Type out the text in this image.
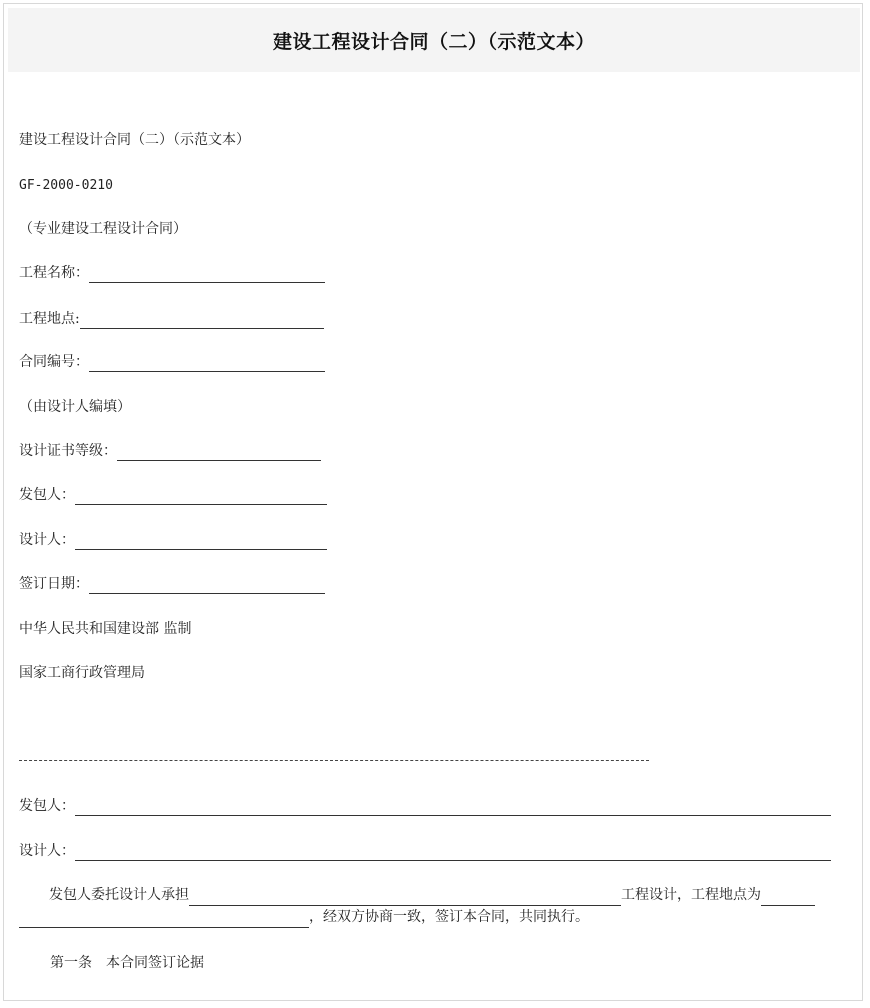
建设工程设计合同（二）（示范文本）
建设工程设计合同（二）（示范文本）
GF-2000-0210
（专业建设工程设计合同）
工程名称：
工程地点:
合同编号：
（由设计人编填）
设计证书等级：
发包人：
设计人：
签订日期：
中华人民共和国建设部 监制
国家工商行政管理局
发包人：
设计人：
发包人委托设计人承担	工程设计，工程地点为
，经双方协商一致，签订本合同，共同执行。
第一条　本合同签订论据
